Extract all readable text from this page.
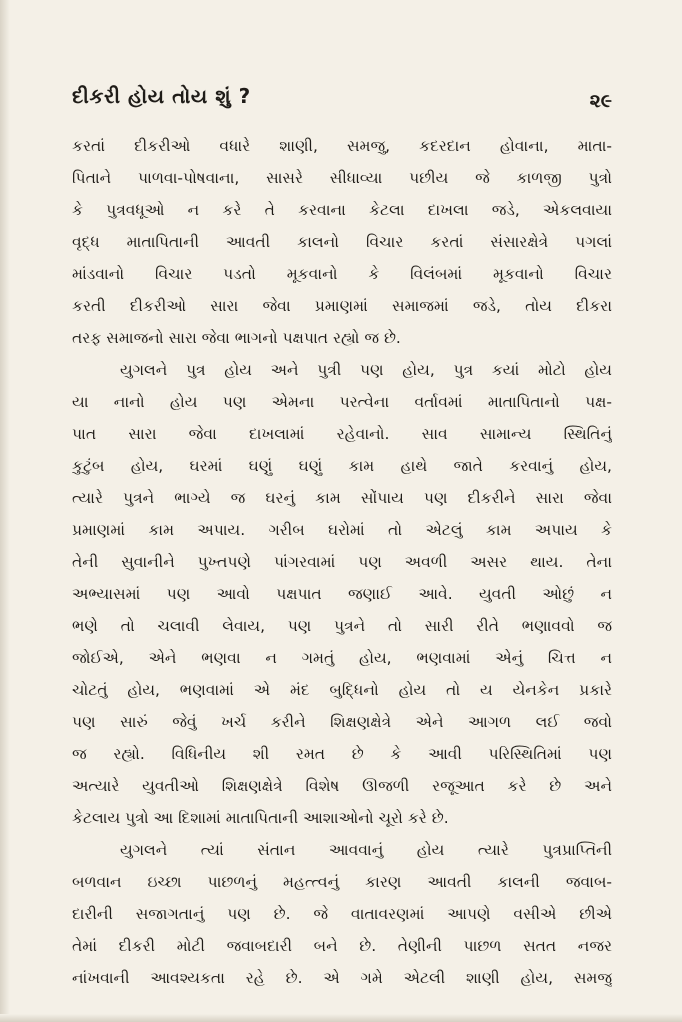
દીકરી હોય તોય શું ?	૨૯

કરતાં દીકરીઓ વધારે શાણી, સમજુ, કદરદાન હોવાના, માતા-
પિતાને પાળવા-પોષવાના, સાસરે સીધાવ્યા પછીય જે કાળજી પુત્રો
કે પુત્રવધૂઓ ન કરે તે કરવાના કેટલા દાખલા જડે, એકલવાયા
વૃદ્ધ માતાપિતાની આવતી કાલનો વિચાર કરતાં સંસારક્ષેત્રે પગલાં
માંડવાનો વિચાર પડતો મૂકવાનો કે વિલંબમાં મૂકવાનો વિચાર
કરતી દીકરીઓ સારા જેવા પ્રમાણમાં સમાજમાં જડે, તોય દીકરા
તરફ સમાજનો સારા જેવા ભાગનો પક્ષપાત રહ્યો જ છે.

યુગલને પુત્ર હોય અને પુત્રી પણ હોય, પુત્ર કયાં મોટો હોય
યા નાનો હોય પણ એમના પરત્વેના વર્તાવમાં માતાપિતાનો પક્ષ-
પાત સારા જેવા દાખલામાં રહેવાનો. સાવ સામાન્ય સ્થિતિનું
કુટુંબ હોય, ઘરમાં ઘણું ઘણું કામ હાથે જાતે કરવાનું હોય,
ત્યારે પુત્રને ભાગ્યે જ ઘરનું કામ સોંપાય પણ દીકરીને સારા જેવા
પ્રમાણમાં કામ અપાય. ગરીબ ઘરોમાં તો એટલું કામ અપાય કે
તેની સુવાનીને પુખ્તપણે પાંગરવામાં પણ અવળી અસર થાય. તેના
અભ્યાસમાં પણ આવો પક્ષપાત જણાઈ આવે. યુવતી ઓછું ન
ભણે તો ચલાવી લેવાય, પણ પુત્રને તો સારી રીતે ભણાવવો જ
જોઈએ, એને ભણવા ન ગમતું હોય, ભણવામાં એનું ચિત્ત ન
ચોટતું હોય, ભણવામાં એ મંદ બુદ્ધિનો હોય તો ય યેનકેન પ્રકારે
પણ સારું જેવું ખર્ચ કરીને શિક્ષણક્ષેત્રે એને આગળ લઈ જવો
જ રહ્યો. વિધિનીય શી રમત છે કે આવી પરિસ્થિતિમાં પણ
અત્યારે યુવતીઓ શિક્ષણક્ષેત્રે વિશેષ ઊજળી રજૂઆત કરે છે અને
કેટલાય પુત્રો આ દિશામાં માતાપિતાની આશાઓનો ચૂરો કરે છે.

યુગલને ત્યાં સંતાન આવવાનું હોય ત્યારે પુત્રપ્રાપ્તિની
બળવાન ઇચ્છા પાછળનું મહત્ત્વનું કારણ આવતી કાલની જવાબ-
દારીની સજાગતાનું પણ છે. જે વાતાવરણમાં આપણે વસીએ છીએ
તેમાં દીકરી મોટી જવાબદારી બને છે. તેણીની પાછળ સતત નજર
નાંખવાની આવશ્યકતા રહે છે. એ ગમે એટલી શાણી હોય, સમજુ
